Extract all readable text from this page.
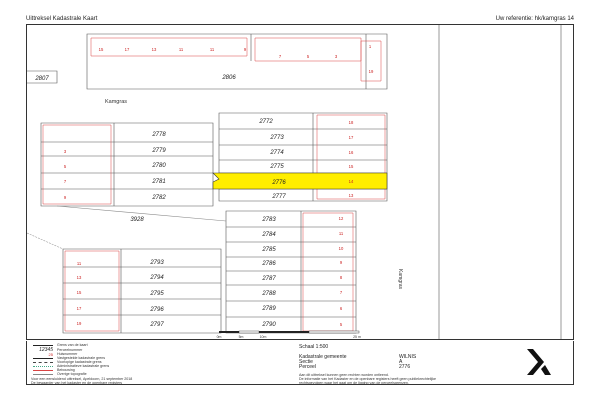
Uittreksel Kadastrale Kaart	Uw referentie: hk/kamgras 14
2806
2807
2772
2773
2774
2775
2776
2777
2778
2779
2780
2781
2782
3928	2783
2784
2785
2786
2787
2788
2789
2790
2793
2794
2795
2796
2797
15	17	13	11	11	9
7	5	3
1
19
18
17
16
15
14
13
3
5
7
9
12
11
10
9
8
7
6
5
11
13
15
17
19
Kamgras
Kamgras
0m	5m	10m	25 m
Grens van de kaart
12345 Perceelnummer
25 Huisnummer
Vastgestelde kadastrale grens
Voorlopige kadastrale grens
Administratieve kadastrale grens
Bebouwing
Overige topografie
Voor een eensluidend uittreksel, Apeldoorn, 21 september 2018
De bewaarder van het kadaster en de openbare registers
Schaal 1:500
Kadastrale gemeente	WILNIS
Sectie	A
Perceel	2776
Aan dit uittreksel kunnen geen rechten worden ontleend.
De informatie van het Kadaster en de openbare registers heeft geen publiekrechtelijke
rechtsgevolgen waar het gaat om de ligging van de perceelsgrenzen.
